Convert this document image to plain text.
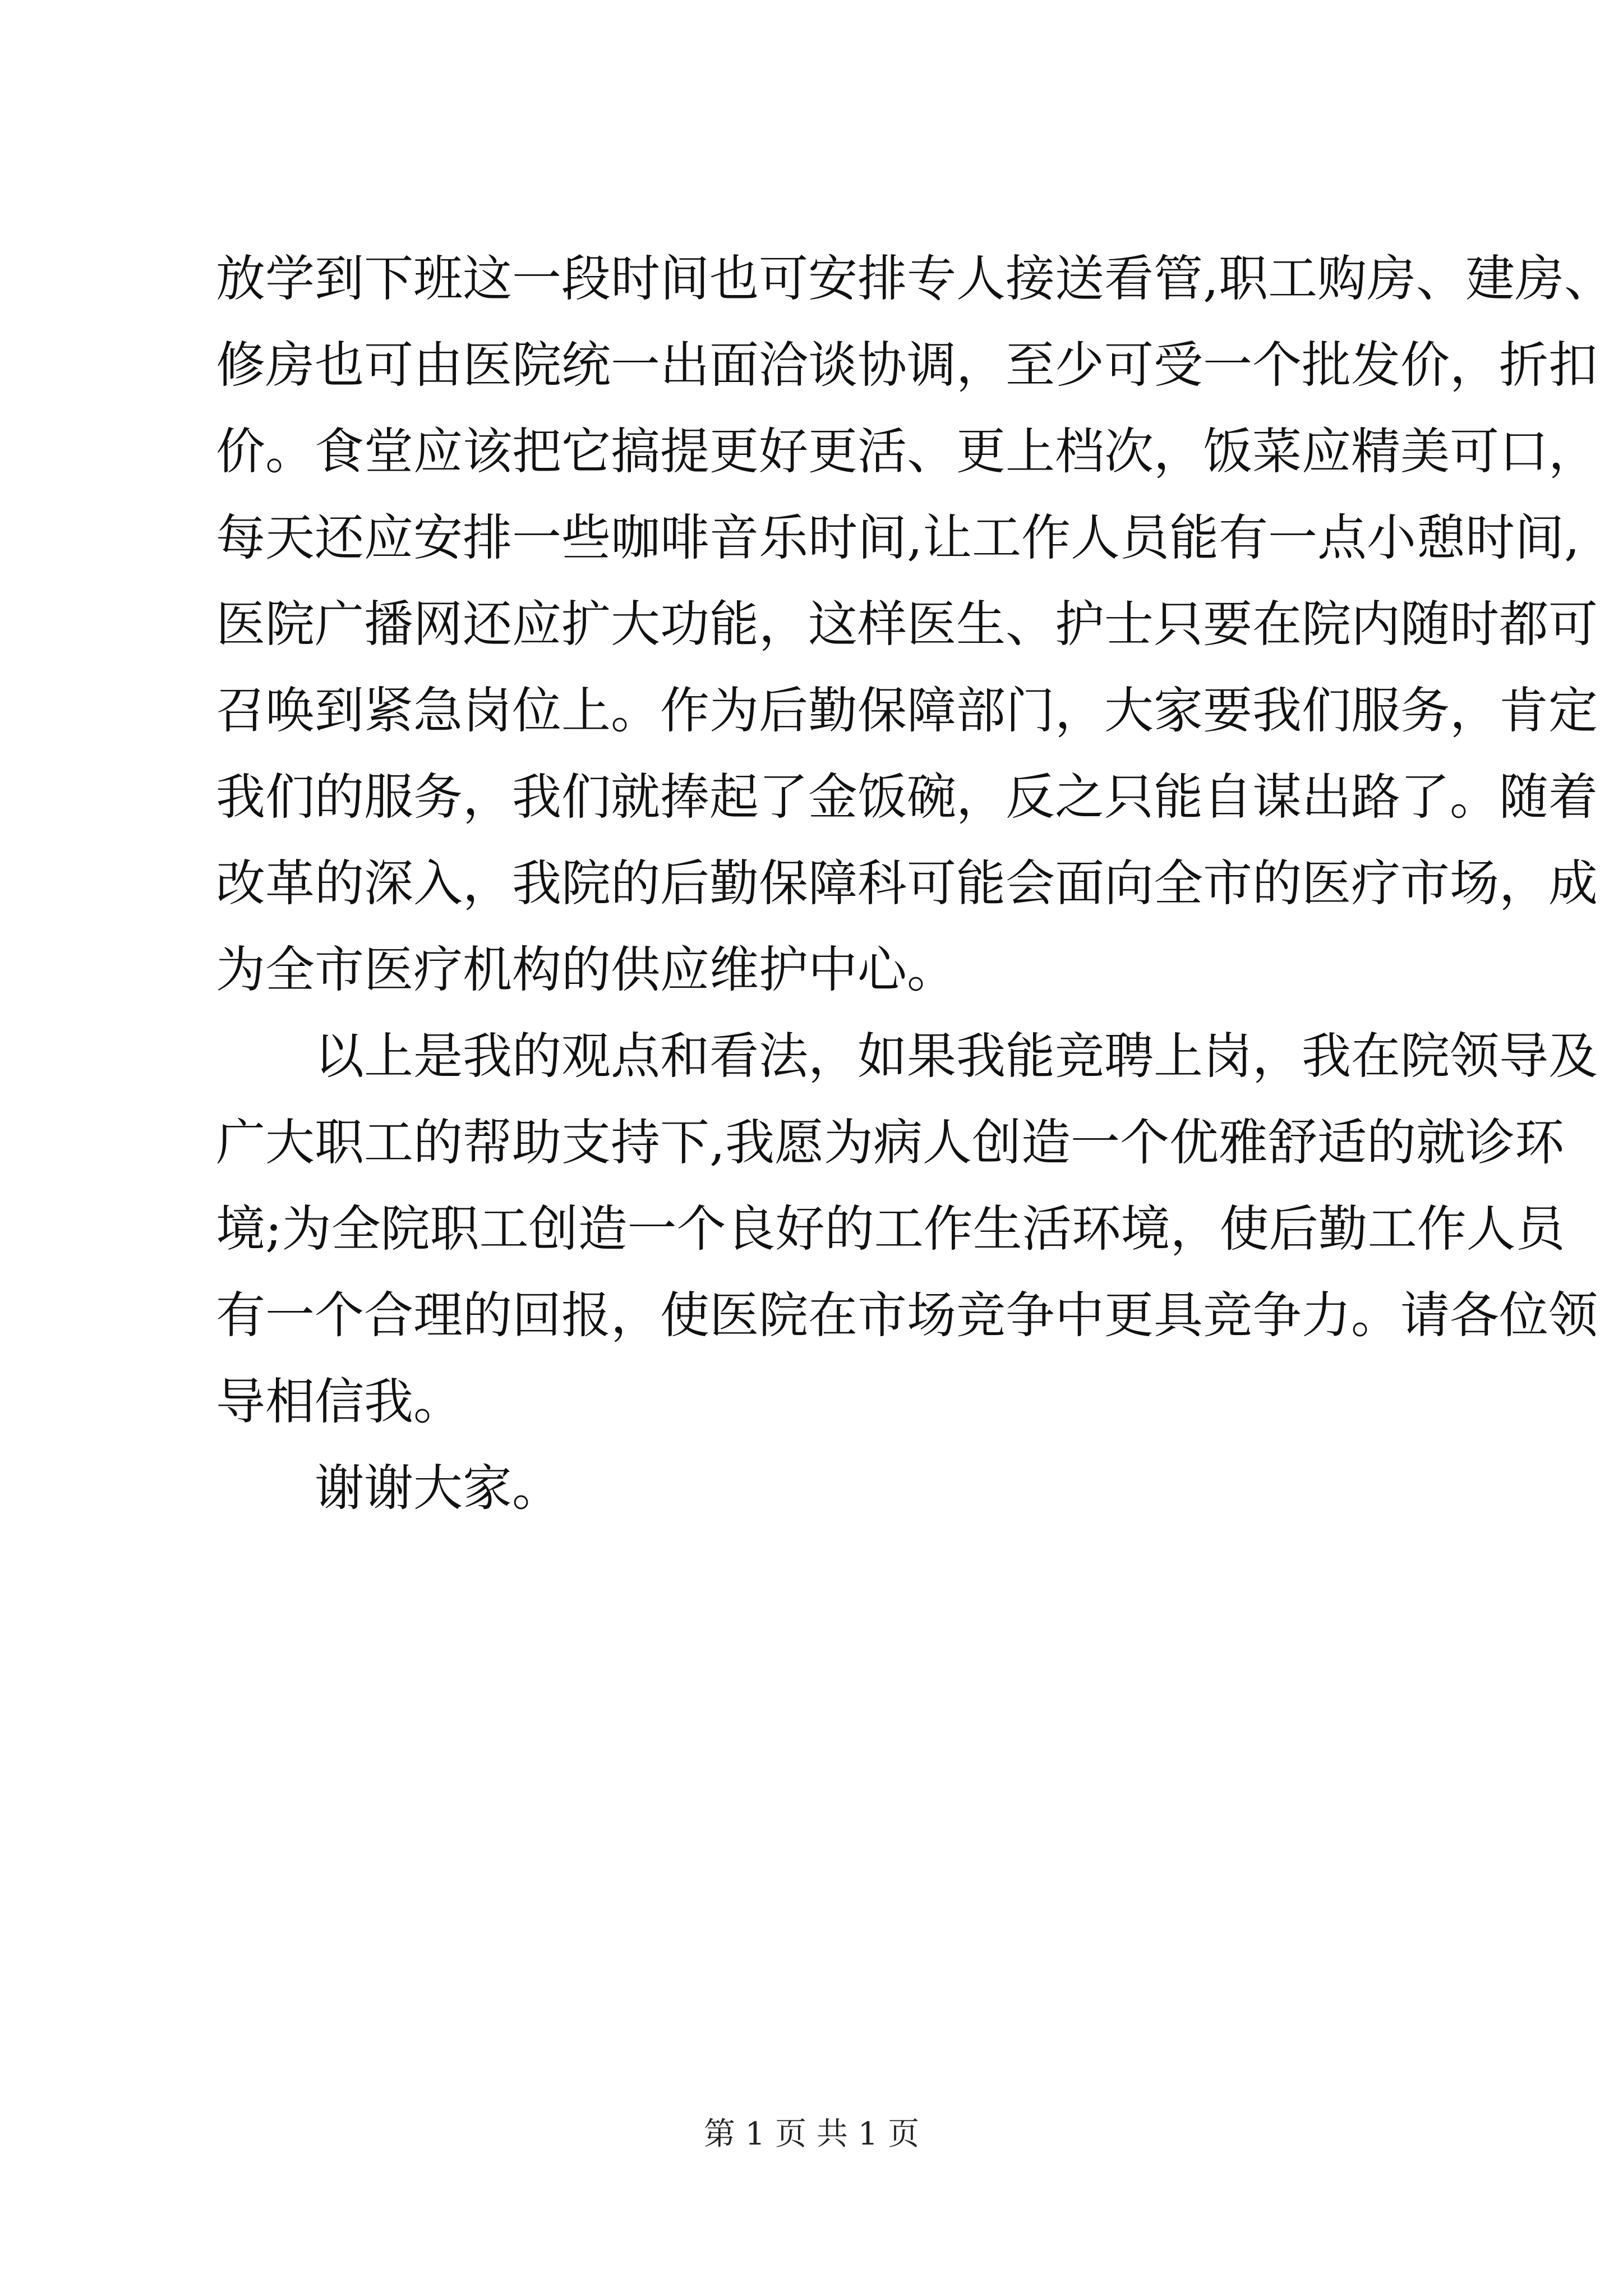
放学到下班这一段时间也可安排专人接送看管,职工购房、建房、
修房也可由医院统一出面洽谈协调，至少可受一个批发价，折扣
价。食堂应该把它搞提更好更活、更上档次，饭菜应精美可口，
每天还应安排一些咖啡音乐时间,让工作人员能有一点小憩时间,
医院广播网还应扩大功能，这样医生、护士只要在院内随时都可
召唤到紧急岗位上。作为后勤保障部门，大家要我们服务，肯定
我们的服务，我们就捧起了金饭碗，反之只能自谋出路了。随着
改革的深入，我院的后勤保障科可能会面向全市的医疗市场，成
为全市医疗机构的供应维护中心。
以上是我的观点和看法，如果我能竞聘上岗，我在院领导及
广大职工的帮助支持下,我愿为病人创造一个优雅舒适的就诊环
境;为全院职工创造一个良好的工作生活环境，使后勤工作人员
有一个合理的回报，使医院在市场竞争中更具竞争力。请各位领
导相信我。
谢谢大家。
第 1 页 共 1 页
